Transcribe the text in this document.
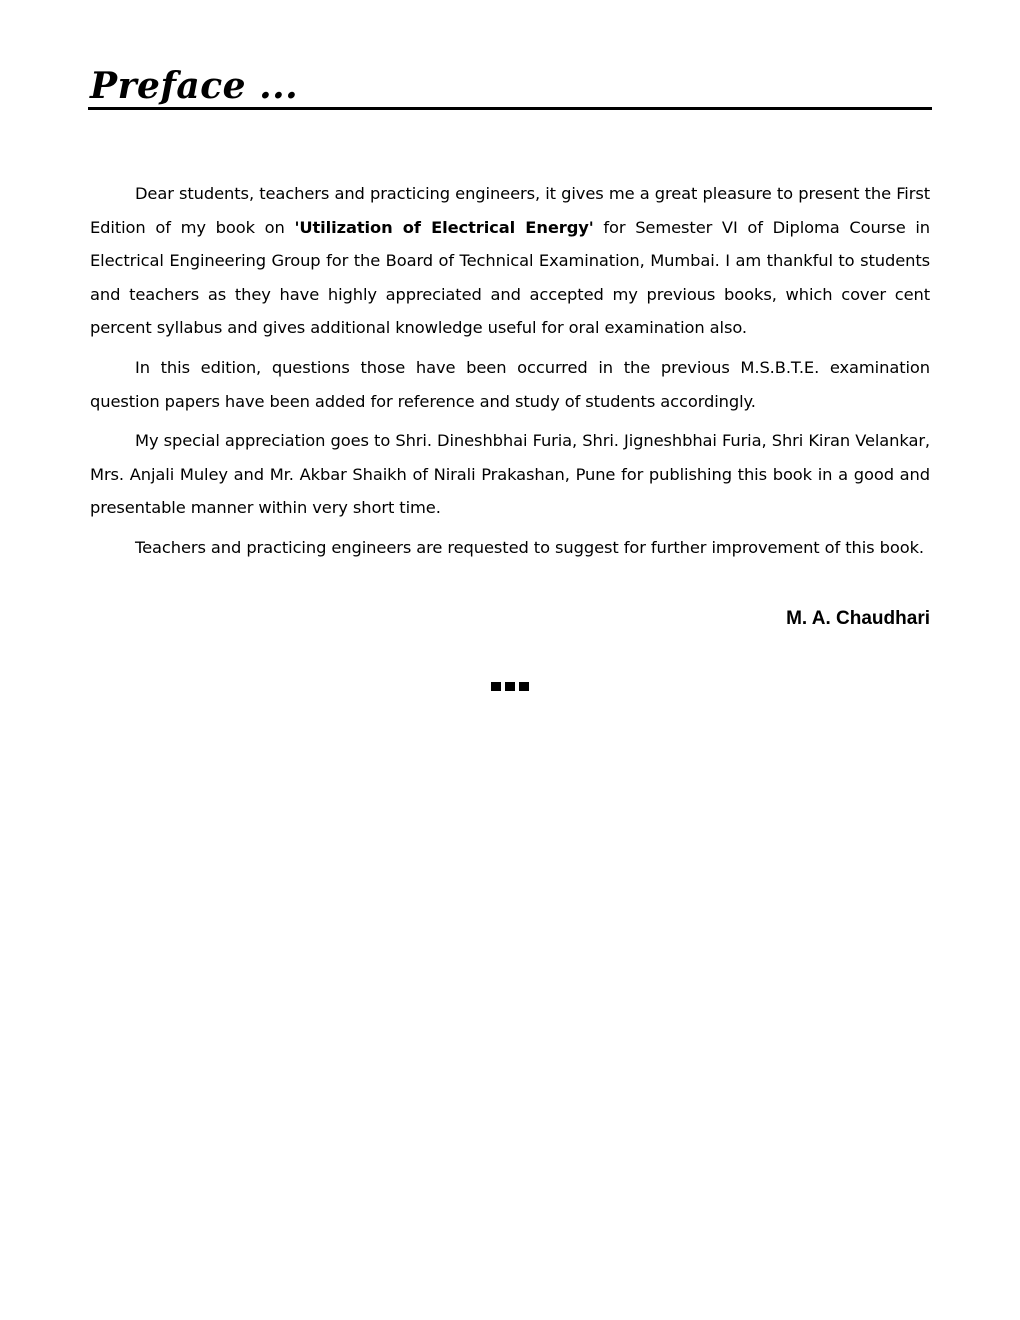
Preface ...

Dear students, teachers and practicing engineers, it gives me a great pleasure to present the First Edition of my book on 'Utilization of Electrical Energy' for Semester VI of Diploma Course in Electrical Engineering Group for the Board of Technical Examination, Mumbai. I am thankful to students and teachers as they have highly appreciated and accepted my previous books, which cover cent percent syllabus and gives additional knowledge useful for oral examination also.

In this edition, questions those have been occurred in the previous M.S.B.T.E. examination question papers have been added for reference and study of students accordingly.

My special appreciation goes to Shri. Dineshbhai Furia, Shri. Jigneshbhai Furia, Shri Kiran Velankar, Mrs. Anjali Muley and Mr. Akbar Shaikh of Nirali Prakashan, Pune for publishing this book in a good and presentable manner within very short time.

Teachers and practicing engineers are requested to suggest for further improvement of this book.

M. A. Chaudhari
